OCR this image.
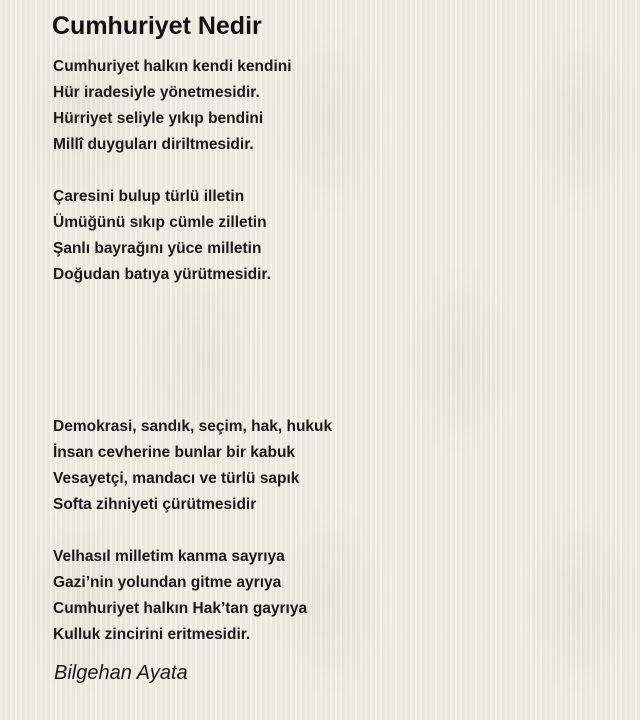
Cumhuriyet Nedir
Cumhuriyet halkın kendi kendini
Hür iradesiyle yönetmesidir.
Hürriyet seliyle yıkıp bendini
Millî duyguları diriltmesidir.
Çaresini bulup türlü illetin
Ümüğünü sıkıp cümle zilletin
Şanlı bayrağını yüce milletin
Doğudan batıya yürütmesidir.
Demokrasi, sandık, seçim, hak, hukuk
İnsan cevherine bunlar bir kabuk
Vesayetçi, mandacı ve türlü sapık
Softa zihniyeti çürütmesidir
Velhasıl milletim kanma sayrıya
Gazi’nin yolundan gitme ayrıya
Cumhuriyet halkın Hak’tan gayrıya
Kulluk zincirini eritmesidir.

Bilgehan Ayata
